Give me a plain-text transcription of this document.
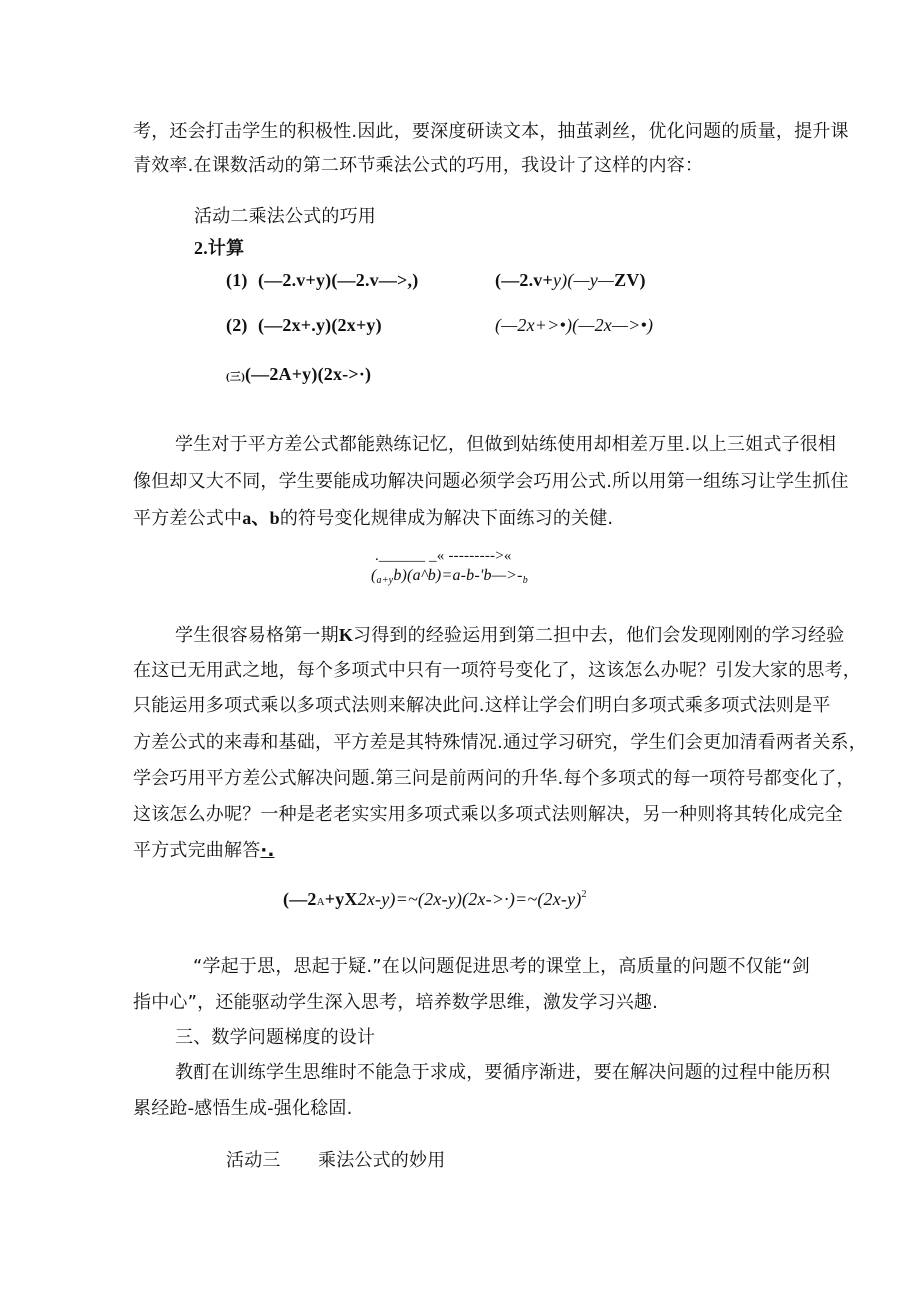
考，还会打击学生的积极性.因此，要深度研读文本，抽茧剥丝，优化问题的质量，提升课
青效率.在课数活动的第二环节乘法公式的巧用，我设计了这样的内容：
活动二乘法公式的巧用
2.计算
(1) (—2.v+y)(—2.v—>,)	(—2.v+y)(—y—ZV)
(2) (—2x+.y)(2x+y)	(—2x+>•)(—2x—>•)
(三)(—2A+y)(2x->·)
学生对于平方差公式都能熟练记忆，但做到姑练使用却相差万里.以上三姐式子很相
像但却又大不同，学生要能成功解决问题必须学会巧用公式.所以用第一组练习让学生抓住
平方差公式中a、b的符号变化规律成为解决下面练习的关健.
.______ _« --------->«
$(_{a+y}b)(a\^{}b)=a-b-'b—>-_b$
学生很容易格第一期K习得到的经验运用到第二担中去，他们会发现刚刚的学习经验
在这已无用武之地，每个多项式中只有一项符号变化了，这该怎么办呢？引发大家的思考，
只能运用多项式乘以多项式法则来解决此问.这样让学会们明白多项式乘多项式法则是平
方差公式的来毒和基础，平方差是其特殊情况.通过学习研究，学生们会更加清看两者关系，
学会巧用平方差公式解决问题.第三问是前两问的升华.每个多项式的每一项符号都变化了，
这该怎么办呢？一种是老老实实用多项式乘以多项式法则解决，另一种则将其转化成完全
平方式完曲解答·.
$(—2A+yX2x-y)=\sim(2x-y)(2x->\cdot)=\sim(2x-y)^2$
“学起于思，思起于疑.”在以问题促进思考的课堂上，高质量的问题不仅能“剑
指中心”，还能驱动学生深入思考，培养数学思维，激发学习兴趣.
三、数学问题梯度的设计
教酊在训练学生思维时不能急于求成，要循序渐进，要在解决问题的过程中能历积
累经跄-感悟生成-强化稔固.
活动三 乘法公式的妙用
